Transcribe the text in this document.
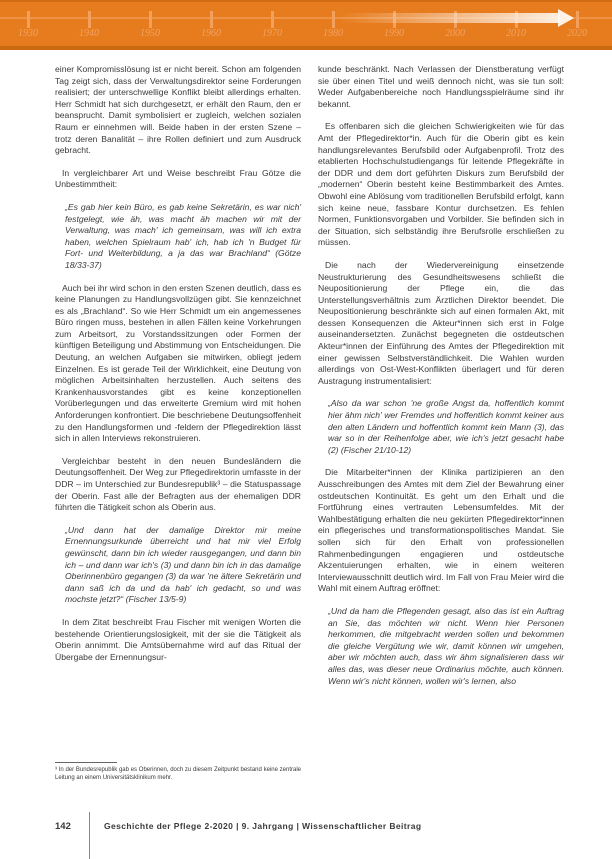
1930	1940	1950	1960	1970	1980	1990	2000	2010	2020
einer Kompromisslösung ist er nicht bereit. Schon am folgenden Tag zeigt sich, dass der Verwaltungsdirektor seine Forderungen realisiert; der unterschwellige Konflikt bleibt allerdings erhalten. Herr Schmidt hat sich durchgesetzt, er erhält den Raum, den er beansprucht. Damit symbolisiert er zugleich, welchen sozialen Raum er einnehmen will. Beide haben in der ersten Szene – trotz deren Banalität – ihre Rollen definiert und zum Ausdruck gebracht.
In vergleichbarer Art und Weise beschreibt Frau Götze die Unbestimmtheit:
„Es gab hier kein Büro, es gab keine Sekretärin, es war nich' festgelegt, wie äh, was macht äh machen wir mit der Verwaltung, was mach' ich gemeinsam, was will ich extra haben, welchen Spielraum hab' ich, hab ich 'n Budget für Fort- und Weiterbildung, a ja das war Brachland“ (Götze 18/33-37)
Auch bei ihr wird schon in den ersten Szenen deutlich, dass es keine Planungen zu Handlungsvollzügen gibt. Sie kennzeichnet es als „Brachland“. So wie Herr Schmidt um ein angemessenes Büro ringen muss, bestehen in allen Fällen keine Vorkehrungen zum Arbeitsort, zu Vorstandssitzungen oder Formen der künftigen Beteiligung und Abstimmung von Entscheidungen. Die Deutung, an welchen Aufgaben sie mitwirken, obliegt jedem Einzelnen. Es ist gerade Teil der Wirklichkeit, eine Deutung von möglichen Arbeitsinhalten herzustellen. Auch seitens des Krankenhausvorstandes gibt es keine konzeptionellen Vorüberlegungen und das erweiterte Gremium wird mit hohen Anforderungen konfrontiert. Die beschriebene Deutungsoffenheit zu den Handlungsformen und -feldern der Pflegedirektion lässt sich in allen Interviews rekonstruieren.
Vergleichbar besteht in den neuen Bundesländern die Deutungsoffenheit. Der Weg zur Pflegedirektorin umfasste in der DDR – im Unterschied zur Bundesrepublik³ – die Statuspassage der Oberin. Fast alle der Befragten aus der ehemaligen DDR führten die Tätigkeit schon als Oberin aus.
„Und dann hat der damalige Direktor mir meine Ernennungsurkunde überreicht und hat mir viel Erfolg gewünscht, dann bin ich wieder rausgegangen, und dann bin ich – und dann war ich's (3) und dann bin ich in das damalige Oberinnenbüro gegangen (3) da war 'ne ältere Sekretärin und dann saß ich da und da hab' ich gedacht, so und was mochste jetzt?“ (Fischer 13/5-9)
In dem Zitat beschreibt Frau Fischer mit wenigen Worten die bestehende Orientierungslosigkeit, mit der sie die Tätigkeit als Oberin annimmt. Die Amtsübernahme wird auf das Ritual der Übergabe der Ernennungsur-
kunde beschränkt. Nach Verlassen der Dienstberatung verfügt sie über einen Titel und weiß dennoch nicht, was sie tun soll: Weder Aufgabenbereiche noch Handlungsspielräume sind ihr bekannt.
Es offenbaren sich die gleichen Schwierigkeiten wie für das Amt der Pflegedirektor*in. Auch für die Oberin gibt es kein handlungsrelevantes Berufsbild oder Aufgabenprofil. Trotz des etablierten Hochschulstudiengangs für leitende Pflegekräfte in der DDR und dem dort geführten Diskurs zum Berufsbild der „modernen“ Oberin besteht keine Bestimmbarkeit des Amtes. Obwohl eine Ablösung vom traditionellen Berufsbild erfolgt, kann sich keine neue, fassbare Kontur durchsetzen. Es fehlen Normen, Funktionsvorgaben und Vorbilder. Sie befinden sich in der Situation, sich selbständig ihre Berufsrolle erschließen zu müssen.
Die nach der Wiedervereinigung einsetzende Neustrukturierung des Gesundheitswesens schließt die Neupositionierung der Pflege ein, die das Unterstellungsverhältnis zum Ärztlichen Direktor beendet. Die Neupositionierung beschränkte sich auf einen formalen Akt, mit dessen Konsequenzen die Akteur*innen sich erst in Folge auseinandersetzten. Zunächst begegneten die ostdeutschen Akteur*innen der Einführung des Amtes der Pflegedirektion mit einer gewissen Selbstverständlichkeit. Die Wahlen wurden allerdings von Ost-West-Konflikten überlagert und für deren Austragung instrumentalisiert:
„Also da war schon 'ne große Angst da, hoffentlich kommt hier ähm nich' wer Fremdes und hoffentlich kommt keiner aus den alten Ländern und hoffentlich kommt kein Mann (3), das war so in der Reihenfolge aber, wie ich's jetzt gesacht habe (2) (Fischer 21/10-12)
Die Mitarbeiter*innen der Klinika partizipieren an den Ausschreibungen des Amtes mit dem Ziel der Bewahrung einer ostdeutschen Kontinuität. Es geht um den Erhalt und die Fortführung eines vertrauten Lebensumfeldes. Mit der Wahlbestätigung erhalten die neu gekürten Pflegedirektor*innen ein pflegerisches und transformationspolitisches Mandat. Sie sollen sich für den Erhalt von professionellen Rahmenbedingungen engagieren und ostdeutsche Akzentuierungen erhalten, wie in einem weiteren Interviewausschnitt deutlich wird. Im Fall von Frau Meier wird die Wahl mit einem Auftrag eröffnet:
„Und da ham die Pflegenden gesagt, also das ist ein Auftrag an Sie, das möchten wir nicht. Wenn hier Personen herkommen, die mitgebracht werden sollen und bekommen die gleiche Vergütung wie wir, damit können wir umgehen, aber wir möchten auch, dass wir ähm signalisieren dass wir alles das, was dieser neue Ordinarius möchte, auch können. Wenn wir's nicht können, wollen wir's lernen, also
³ In der Bundesrepublik gab es Oberinnen, doch zu diesem Zeitpunkt bestand keine zentrale Leitung an einem Universitätsklinikum mehr.
142	Geschichte der Pflege 2-2020 | 9. Jahrgang | Wissenschaftlicher Beitrag
